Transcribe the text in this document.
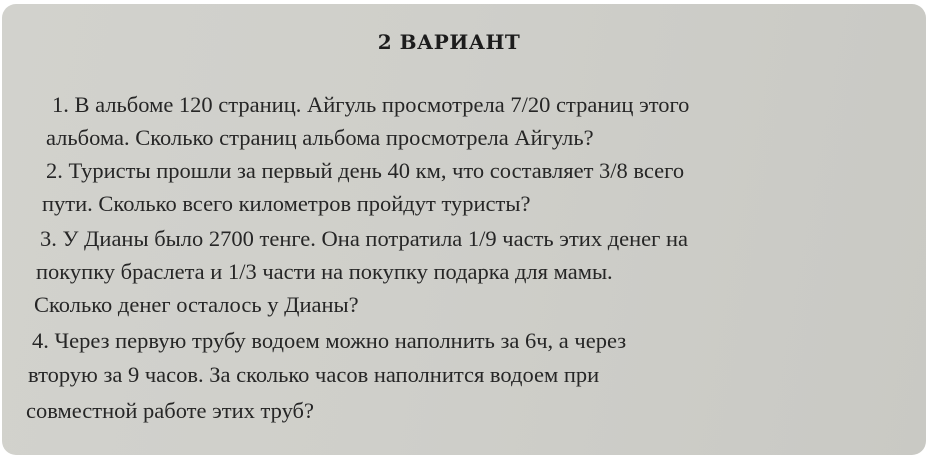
2 ВАРИАНТ
1. В альбоме 120 страниц. Айгуль просмотрела 7/20 страниц этого
альбома. Сколько страниц альбома просмотрела Айгуль?
2. Туристы прошли за первый день 40 км, что составляет 3/8 всего
пути. Сколько всего километров пройдут туристы?
3. У Дианы было 2700 тенге. Она потратила 1/9 часть этих денег на
покупку браслета и 1/3 части на покупку подарка для мамы.
Сколько денег осталось у Дианы?
4. Через первую трубу водоем можно наполнить за 6ч, а через
вторую за 9 часов. За сколько часов наполнится водоем при
совместной работе этих труб?
